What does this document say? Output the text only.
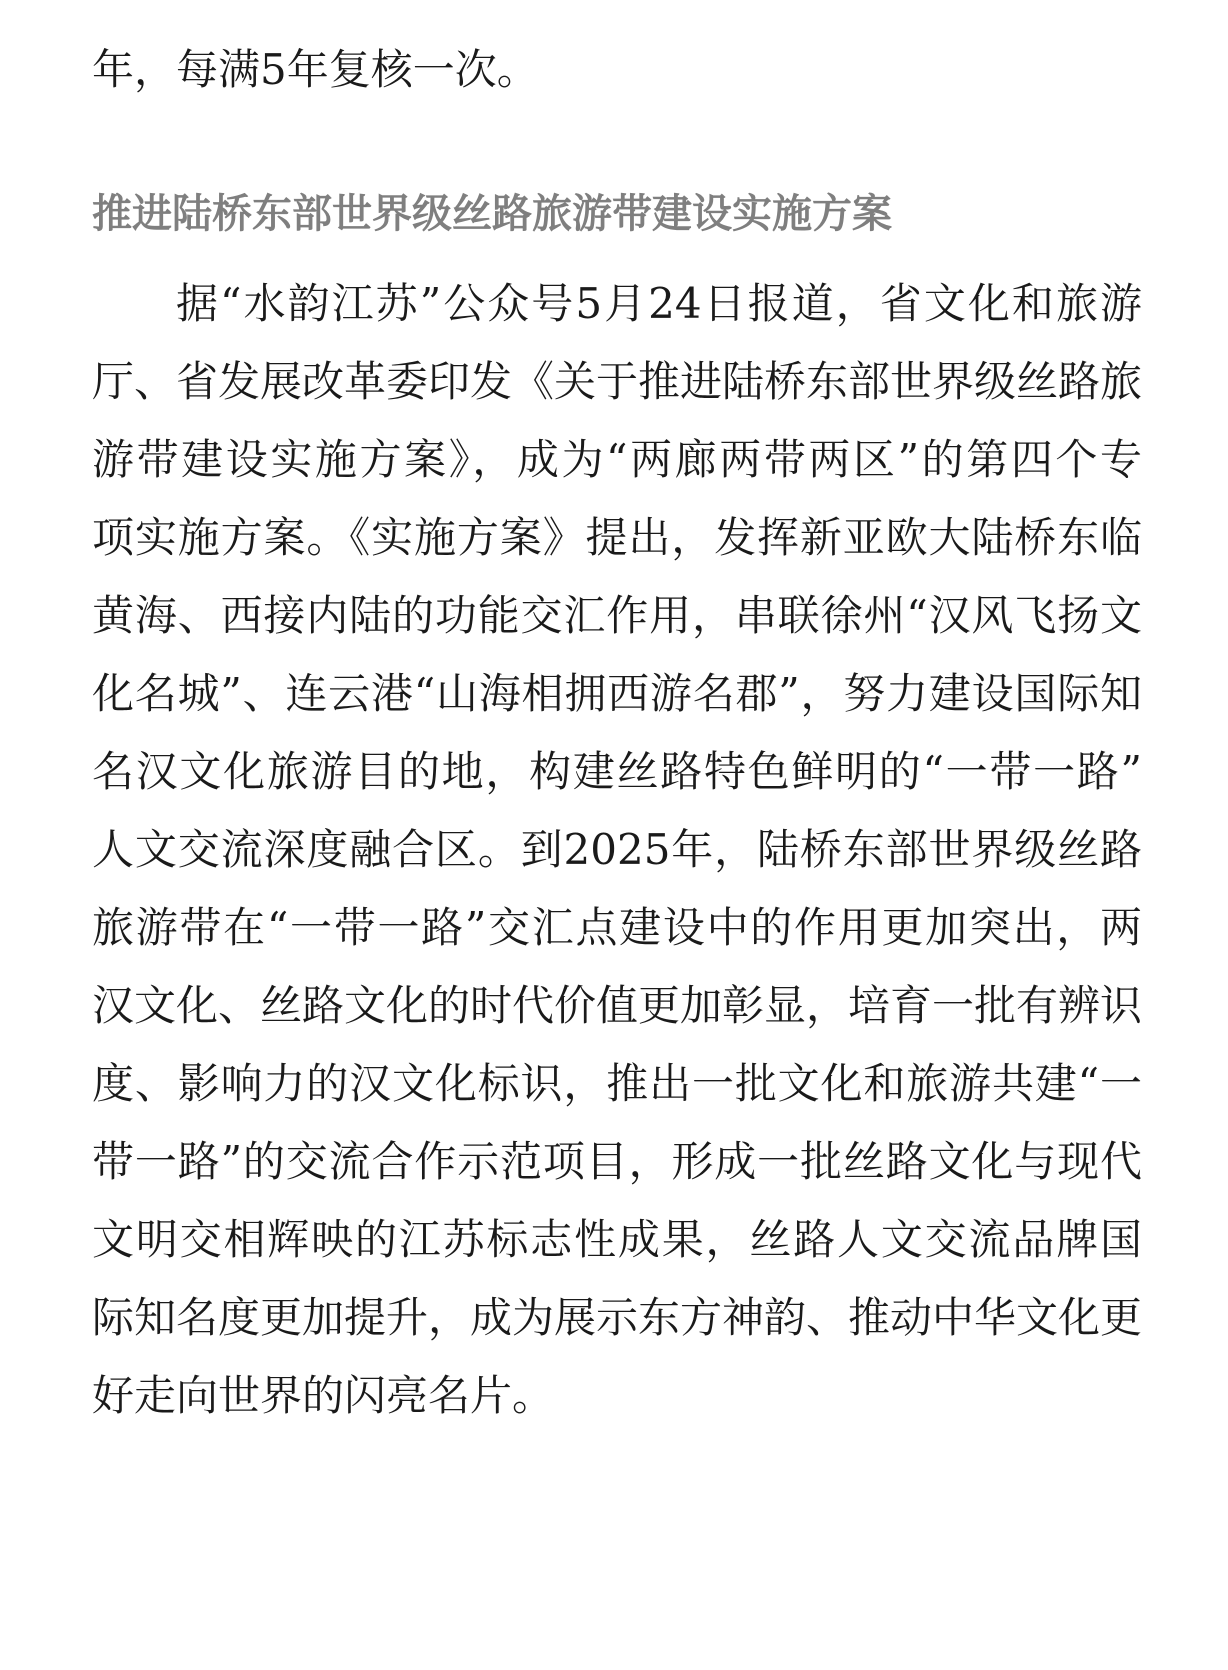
年，每满5年复核一次。
推进陆桥东部世界级丝路旅游带建设实施方案
据“水韵江苏”公众号5月24日报道，省文化和旅游
厅、省发展改革委印发《关于推进陆桥东部世界级丝路旅
游带建设实施方案》，成为“两廊两带两区”的第四个专
项实施方案。《实施方案》提出，发挥新亚欧大陆桥东临
黄海、西接内陆的功能交汇作用，串联徐州“汉风飞扬文
化名城”、连云港“山海相拥西游名郡”，努力建设国际知
名汉文化旅游目的地，构建丝路特色鲜明的“一带一路”
人文交流深度融合区。到2025年，陆桥东部世界级丝路
旅游带在“一带一路”交汇点建设中的作用更加突出，两
汉文化、丝路文化的时代价值更加彰显，培育一批有辨识
度、影响力的汉文化标识，推出一批文化和旅游共建“一
带一路”的交流合作示范项目，形成一批丝路文化与现代
文明交相辉映的江苏标志性成果，丝路人文交流品牌国
际知名度更加提升，成为展示东方神韵、推动中华文化更
好走向世界的闪亮名片。
